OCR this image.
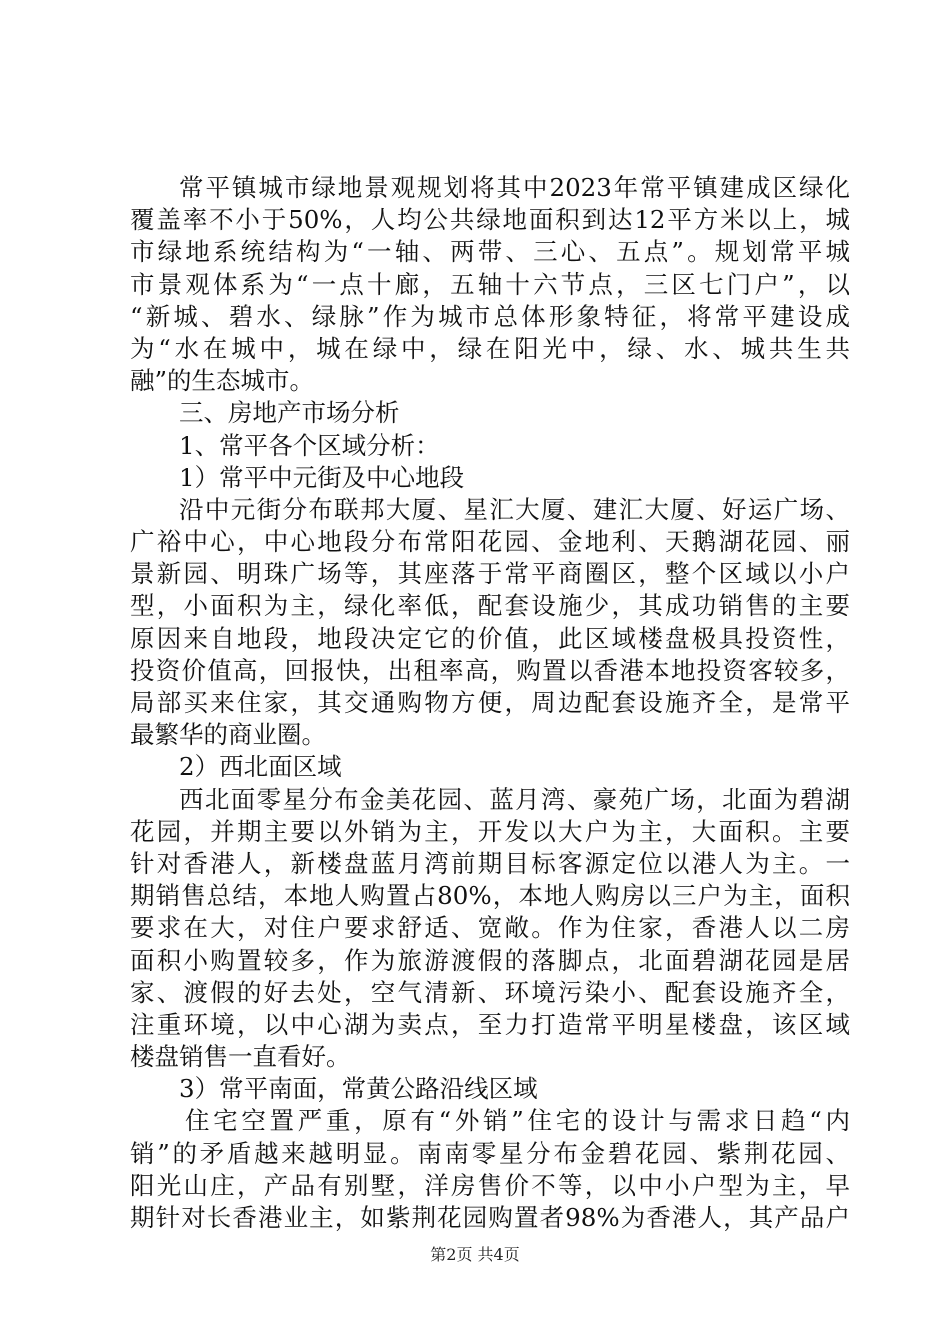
常平镇城市绿地景观规划将其中2023年常平镇建成区绿化
覆盖率不小于50%，人均公共绿地面积到达12平方米以上，城
市绿地系统结构为“一轴、两带、三心、五点”。规划常平城
市景观体系为“一点十廊，五轴十六节点，三区七门户”，以
“新城、碧水、绿脉”作为城市总体形象特征，将常平建设成
为“水在城中，城在绿中，绿在阳光中，绿、水、城共生共
融”的生态城市。
三、房地产市场分析
1、常平各个区域分析：
1）常平中元街及中心地段
沿中元街分布联邦大厦、星汇大厦、建汇大厦、好运广场、
广裕中心，中心地段分布常阳花园、金地利、天鹅湖花园、丽
景新园、明珠广场等，其座落于常平商圈区，整个区域以小户
型，小面积为主，绿化率低，配套设施少，其成功销售的主要
原因来自地段，地段决定它的价值，此区域楼盘极具投资性，
投资价值高，回报快，出租率高，购置以香港本地投资客较多，
局部买来住家，其交通购物方便，周边配套设施齐全，是常平
最繁华的商业圈。
2）西北面区域
西北面零星分布金美花园、蓝月湾、豪苑广场，北面为碧湖
花园，并期主要以外销为主，开发以大户为主，大面积。主要
针对香港人，新楼盘蓝月湾前期目标客源定位以港人为主。一
期销售总结，本地人购置占80%，本地人购房以三户为主，面积
要求在大，对住户要求舒适、宽敞。作为住家，香港人以二房
面积小购置较多，作为旅游渡假的落脚点，北面碧湖花园是居
家、渡假的好去处，空气清新、环境污染小、配套设施齐全，
注重环境，以中心湖为卖点，至力打造常平明星楼盘，该区域
楼盘销售一直看好。
3）常平南面，常黄公路沿线区域
住宅空置严重，原有“外销”住宅的设计与需求日趋“内
销”的矛盾越来越明显。南南零星分布金碧花园、紫荆花园、
阳光山庄，产品有别墅，洋房售价不等，以中小户型为主，早
期针对长香港业主，如紫荆花园购置者98%为香港人，其产品户
第2页 共4页
